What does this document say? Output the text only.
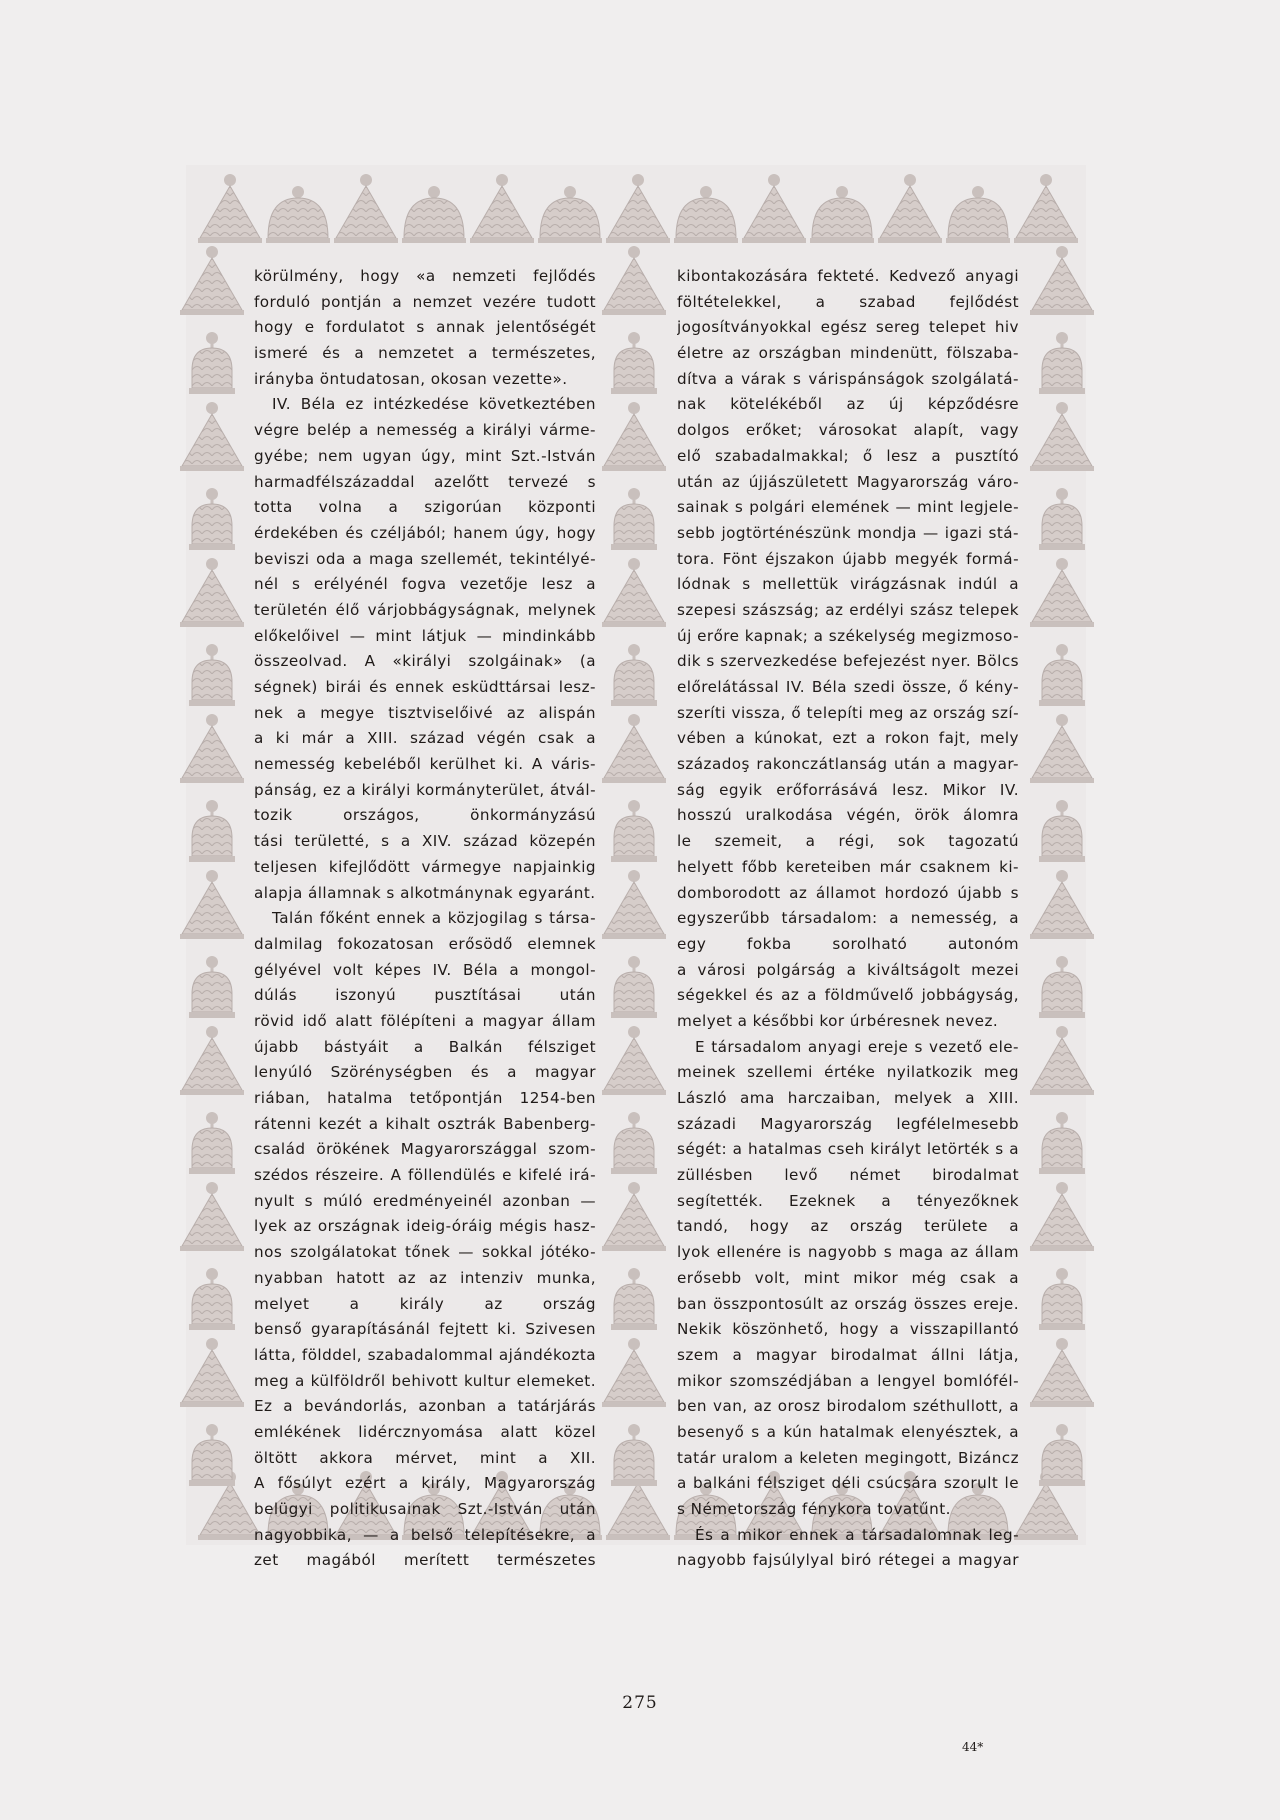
körülmény, hogy «a nemzeti fejlődés
forduló pontján a nemzet vezére tudott
hogy e fordulatot s annak jelentőségét
ismeré és a nemzetet a természetes,
irányba öntudatosan, okosan vezette».
IV. Béla ez intézkedése következtében
végre belép a nemesség a királyi várme-
gyébe; nem ugyan úgy, mint Szt.-István
harmadfélszázaddal azelőtt tervezé s
totta volna a szigorúan központi
érdekében és czéljából; hanem úgy, hogy
beviszi oda a maga szellemét, tekintélyé-
nél s erélyénél fogva vezetője lesz a
területén élő várjobbágyságnak, melynek
előkelőivel — mint látjuk — mindinkább
összeolvad. A «királyi szolgáinak» (a
ségnek) birái és ennek esküdttársai lesz-
nek a megye tisztviselőivé az alispán
a ki már a XIII. század végén csak a
nemesség kebeléből kerülhet ki. A váris-
pánság, ez a királyi kormányterület, átvál-
tozik országos, önkormányzású
tási területté, s a XIV. század közepén
teljesen kifejlődött vármegye napjainkig
alapja államnak s alkotmánynak egyaránt.
Talán főként ennek a közjogilag s társa-
dalmilag fokozatosan erősödő elemnek
gélyével volt képes IV. Béla a mongol-
dúlás iszonyú pusztításai után
rövid idő alatt fölépíteni a magyar állam
újabb bástyáit a Balkán félsziget
lenyúló Szörénységben és a magyar
riában, hatalma tetőpontján 1254-ben
rátenni kezét a kihalt osztrák Babenberg-
család örökének Magyarországgal szom-
szédos részeire. A föllendülés e kifelé irá-
nyult s múló eredményeinél azonban —
lyek az országnak ideig-óráig mégis hasz-
nos szolgálatokat tőnek — sokkal jótéko-
nyabban hatott az az intenziv munka,
melyet a király az ország
benső gyarapításánál fejtett ki. Szivesen
látta, földdel, szabadalommal ajándékozta
meg a külföldről behivott kultur elemeket.
Ez a bevándorlás, azonban a tatárjárás
emlékének lidércznyomása alatt közel
öltött akkora mérvet, mint a XII.
A fősúlyt ezért a király, Magyarország
belügyi politikusainak Szt.-István után
nagyobbika, — a belső telepítésekre, a
zet magából merített természetes
kibontakozására fekteté. Kedvező anyagi
föltételekkel, a szabad fejlődést
jogosítványokkal egész sereg telepet hiv
életre az országban mindenütt, fölszaba-
dítva a várak s várispánságok szolgálatá-
nak kötelékéből az új képződésre
dolgos erőket; városokat alapít, vagy
elő szabadalmakkal; ő lesz a pusztító
után az újjászületett Magyarország váro-
sainak s polgári elemének — mint legjele-
sebb jogtörténészünk mondja — igazi stá-
tora. Fönt éjszakon újabb megyék formá-
lódnak s mellettük virágzásnak indúl a
szepesi szászság; az erdélyi szász telepek
új erőre kapnak; a székelység megizmoso-
dik s szervezkedése befejezést nyer. Bölcs
előrelátással IV. Béla szedi össze, ő kény-
szeríti vissza, ő telepíti meg az ország szí-
vében a kúnokat, ezt a rokon fajt, mely
századoş rakonczátlanság után a magyar-
ság egyik erőforrásává lesz. Mikor IV.
hosszú uralkodása végén, örök álomra
le szemeit, a régi, sok tagozatú
helyett főbb kereteiben már csaknem ki-
domborodott az államot hordozó újabb s
egyszerűbb társadalom: a nemesség, a
egy fokba sorolható autonóm
a városi polgárság a kiváltságolt mezei
ségekkel és az a földművelő jobbágyság,
melyet a későbbi kor úrbéresnek nevez.
E társadalom anyagi ereje s vezető ele-
meinek szellemi értéke nyilatkozik meg
László ama harczaiban, melyek a XIII.
századi Magyarország legfélelmesebb
ségét: a hatalmas cseh királyt letörték s a
züllésben levő német birodalmat
segítették. Ezeknek a tényezőknek
tandó, hogy az ország területe a
lyok ellenére is nagyobb s maga az állam
erősebb volt, mint mikor még csak a
ban összpontosúlt az ország összes ereje.
Nekik köszönhető, hogy a visszapillantó
szem a magyar birodalmat állni látja,
mikor szomszédjában a lengyel bomlófél-
ben van, az orosz birodalom széthullott, a
besenyő s a kún hatalmak elenyésztek, a
tatár uralom a keleten megingott, Bizáncz
a balkáni félsziget déli csúcsára szorult le
s Németország fénykora tovatűnt.
És a mikor ennek a társadalomnak leg-
nagyobb fajsúlylyal biró rétegei a magyar
275
44*
